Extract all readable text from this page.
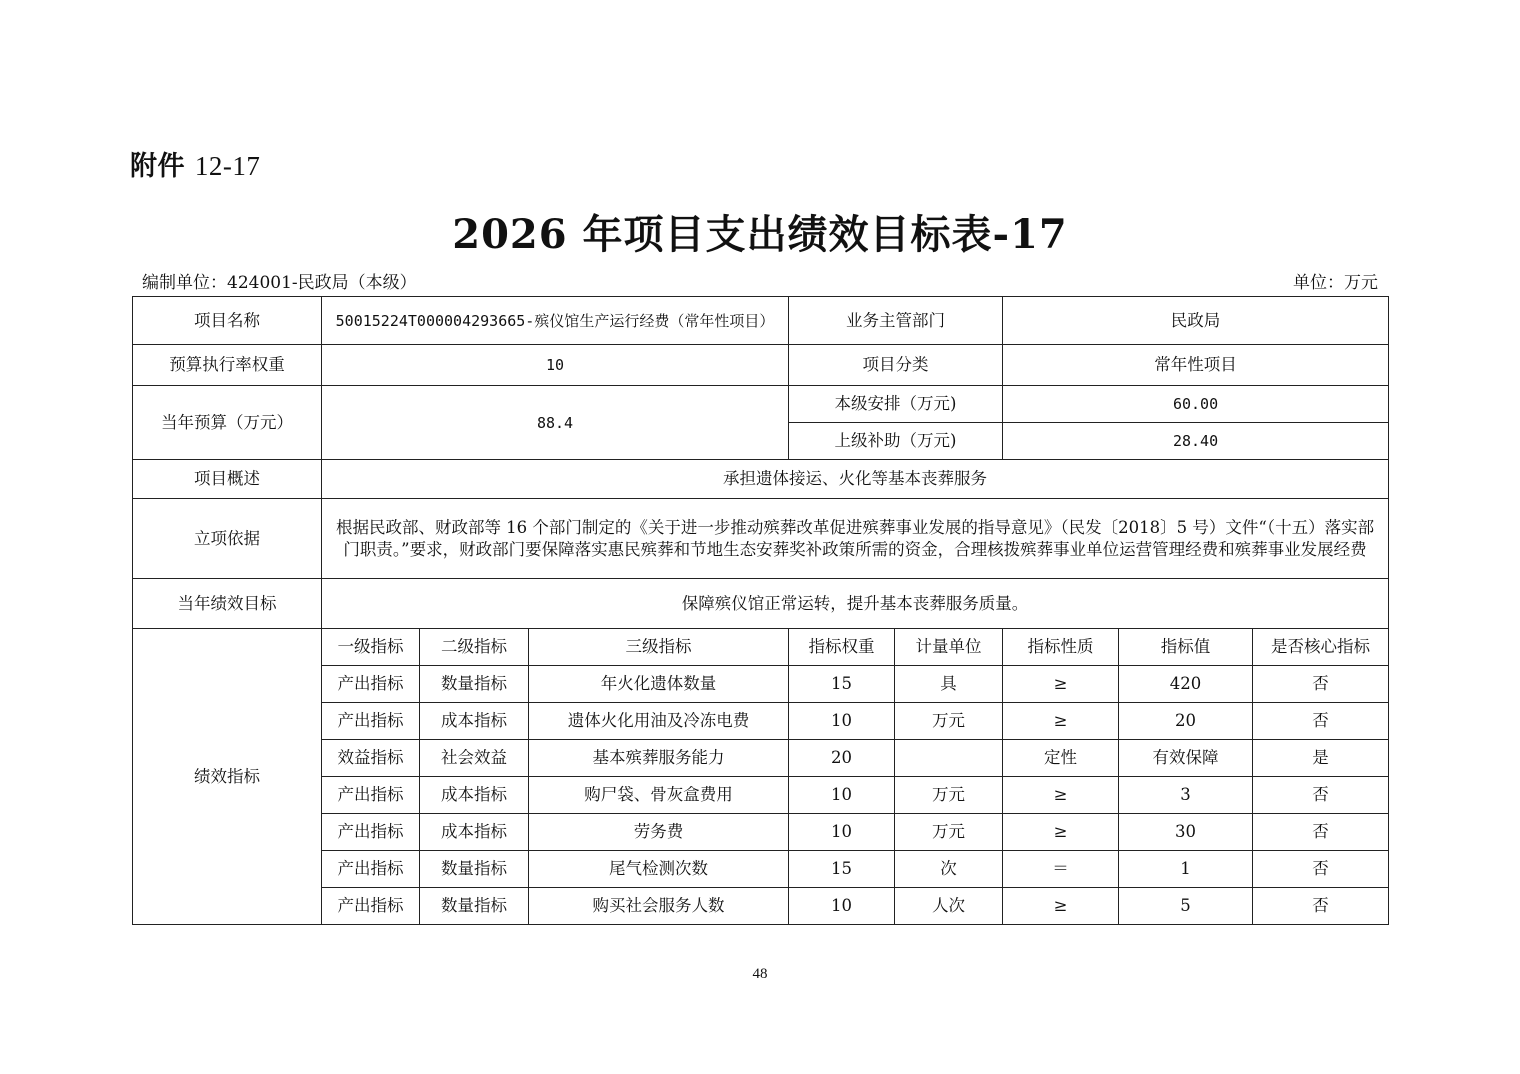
附件 12-17
2026 年项目支出绩效目标表-17
编制单位：424001-民政局（本级）	单位：万元
项目名称	50015224T000004293665-殡仪馆生产运行经费（常年性项目）			业务主管部门		民政局		
预算执行率权重	10			项目分类		常年性项目		
当年预算（万元）	88.4			本级安排（万元)		60.00		
				上级补助（万元)		28.40		
项目概述	承担遗体接运、火化等基本丧葬服务							
立项依据	根据民政部、财政部等 16 个部门制定的《关于进一步推动殡葬改革促进殡葬事业发展的指导意见》（民发〔2018〕5 号）文件“（十五）落实部门职责。”要求，财政部门要保障落实惠民殡葬和节地生态安葬奖补政策所需的资金，合理核拨殡葬事业单位运营管理经费和殡葬事业发展经费							
当年绩效目标	保障殡仪馆正常运转，提升基本丧葬服务质量。							
绩效指标	一级指标	二级指标	三级指标	指标权重	计量单位	指标性质	指标值	是否核心指标
	产出指标	数量指标	年火化遗体数量	15	具	≥	420	否
	产出指标	成本指标	遗体火化用油及冷冻电费	10	万元	≥	20	否
	效益指标	社会效益	基本殡葬服务能力	20		定性	有效保障	是
	产出指标	成本指标	购尸袋、骨灰盒费用	10	万元	≥	3	否
	产出指标	成本指标	劳务费	10	万元	≥	30	否
	产出指标	数量指标	尾气检测次数	15	次	＝	1	否
	产出指标	数量指标	购买社会服务人数	10	人次	≥	5	否
48
